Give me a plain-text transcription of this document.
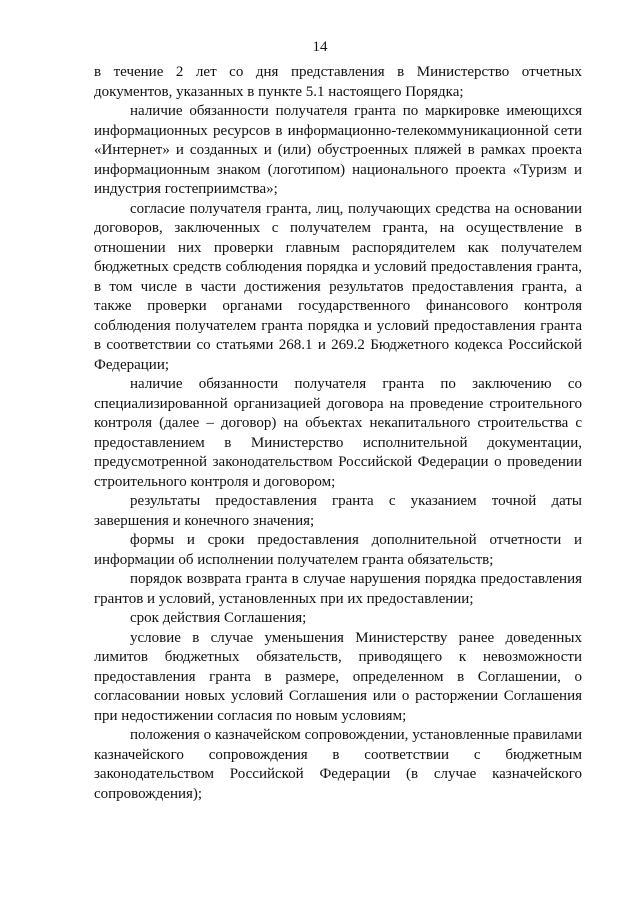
14

в течение 2 лет со дня представления в Министерство отчетных документов, указанных в пункте 5.1 настоящего Порядка;

наличие обязанности получателя гранта по маркировке имеющихся информационных ресурсов в информационно-телекоммуникационной сети «Интернет» и созданных и (или) обустроенных пляжей в рамках проекта информационным знаком (логотипом) национального проекта «Туризм и индустрия гостеприимства»;

согласие получателя гранта, лиц, получающих средства на основании договоров, заключенных с получателем гранта, на осуществление в отношении них проверки главным распорядителем как получателем бюджетных средств соблюдения порядка и условий предоставления гранта, в том числе в части достижения результатов предоставления гранта, а также проверки органами государственного финансового контроля соблюдения получателем гранта порядка и условий предоставления гранта в соответствии со статьями 268.1 и 269.2 Бюджетного кодекса Российской Федерации;

наличие обязанности получателя гранта по заключению со специализированной организацией договора на проведение строительного контроля (далее – договор) на объектах некапитального строительства с предоставлением в Министерство исполнительной документации, предусмотренной законодательством Российской Федерации о проведении строительного контроля и договором;

результаты предоставления гранта с указанием точной даты завершения и конечного значения;

формы и сроки предоставления дополнительной отчетности и информации об исполнении получателем гранта обязательств;

порядок возврата гранта в случае нарушения порядка предоставления грантов и условий, установленных при их предоставлении;

срок действия Соглашения;

условие в случае уменьшения Министерству ранее доведенных лимитов бюджетных обязательств, приводящего к невозможности предоставления гранта в размере, определенном в Соглашении, о согласовании новых условий Соглашения или о расторжении Соглашения при недостижении согласия по новым условиям;

положения о казначейском сопровождении, установленные правилами казначейского сопровождения в соответствии с бюджетным законодательством Российской Федерации (в случае казначейского сопровождения);
